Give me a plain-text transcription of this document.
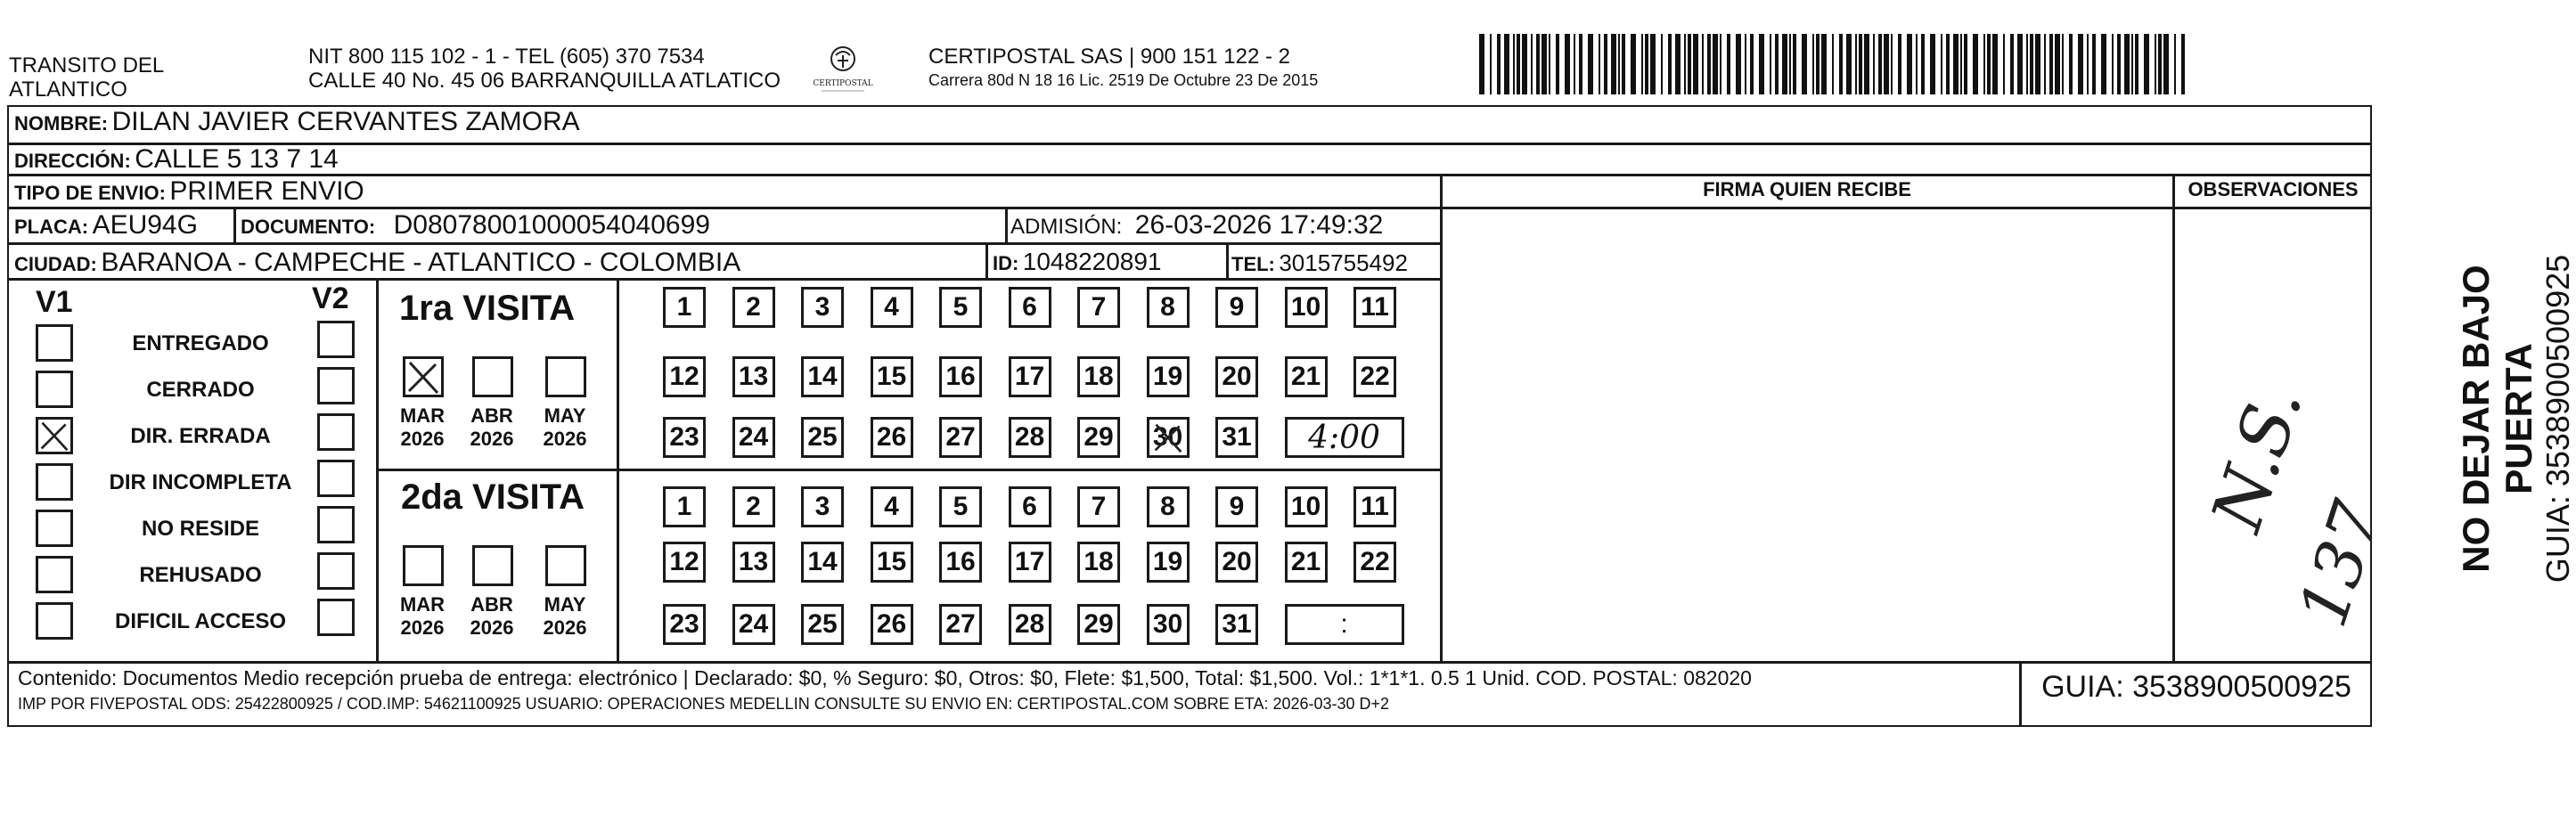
TRANSITO DEL
ATLANTICO
NIT 800 115 102 - 1 - TEL (605) 370 7534
CALLE 40 No. 45 06 BARRANQUILLA ATLATICO	CERTIPOSTAL
CERTIPOSTAL SAS | 900 151 122 - 2
Carrera 80d N 18 16 Lic. 2519 De Octubre 23 De 2015
NOMBRE: DILAN JAVIER CERVANTES ZAMORA
DIRECCIÓN: CALLE 5 13 7 14
TIPO DE ENVIO: PRIMER ENVIO
PLACA: AEU94G DOCUMENTO: D08078001000054040699	ADMISIÓN: 26-03-2026 17:49:32
CIUDAD: BARANOA - CAMPECHE - ATLANTICO - COLOMBIA	ID: 1048220891	TEL: 3015755492
FIRMA QUIEN RECIBE	OBSERVACIONES
V1	V2
ENTREGADO
CERRADO
DIR. ERRADA
DIR INCOMPLETA
NO RESIDE
REHUSADO
DIFICIL ACCESO
1ra VISITA
2da VISITA
MAR
2026
ABR
2026
MAY
2026
MAR
2026
ABR
2026
MAY
2026
1	2	3	4	5	6	7	8	9	10 11
12 13 14 15 16 17 18 19 20 21 22
23 24 25 26 27 28 29 30 31	4:00
1	2	3	4	5	6	7	8	9	10 11
12 13 14 15 16 17 18 19 20 21 22
23 24 25 26 27 28 29 30 31	:
N.S.
137 NO DEJAR BAJO PUERTA GUIA: 3538900500925
Contenido: Documentos Medio recepción prueba de entrega: electrónico | Declarado: $0, % Seguro: $0, Otros: $0, Flete: $1,500, Total: $1,500. Vol.: 1*1*1. 0.5 1 Unid. COD. POSTAL: 082020
IMP POR FIVEPOSTAL ODS: 25422800925 / COD.IMP: 54621100925 USUARIO: OPERACIONES MEDELLIN CONSULTE SU ENVIO EN: CERTIPOSTAL.COM SOBRE ETA: 2026-03-30 D+2	GUIA: 3538900500925
